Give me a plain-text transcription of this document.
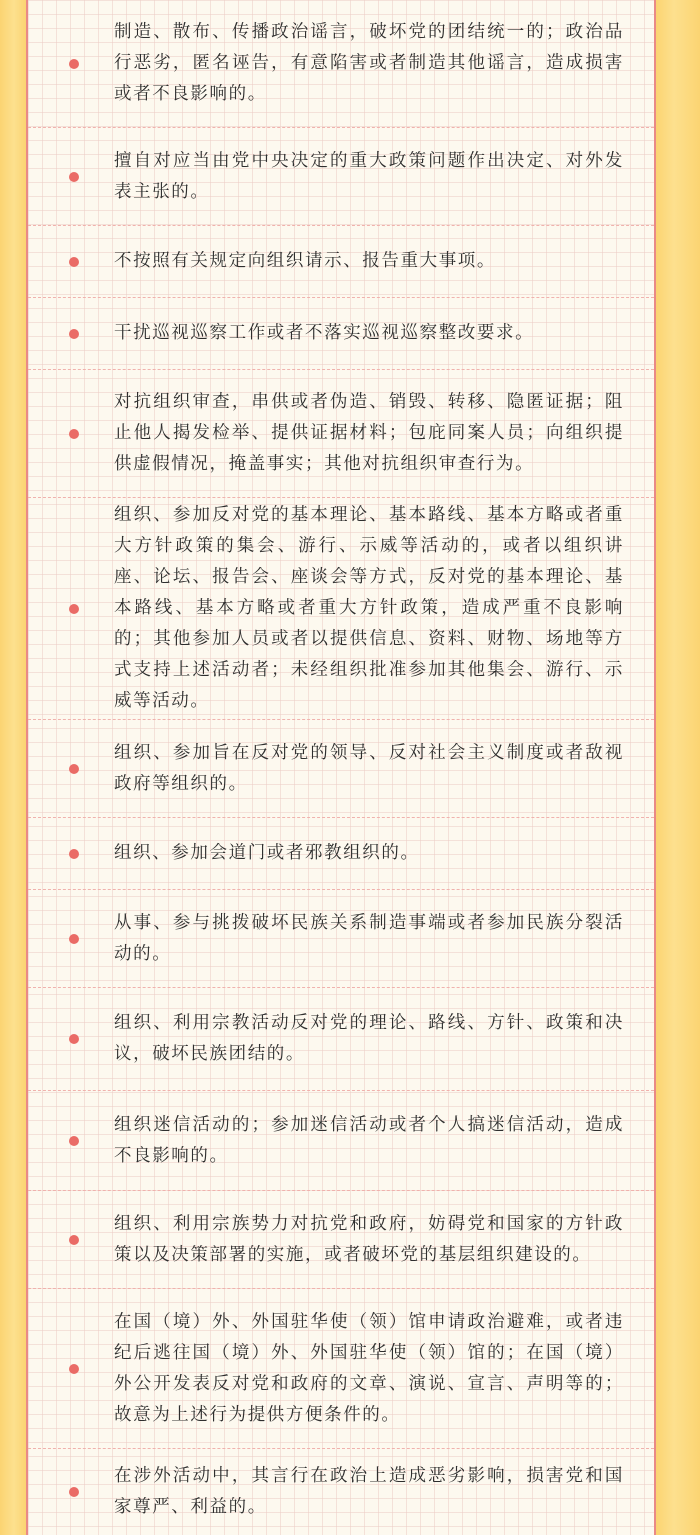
制造、散布、传播政治谣言，破坏党的团结统一的；政治品行恶劣，匿名诬告，有意陷害或者制造其他谣言，造成损害或者不良影响的。
擅自对应当由党中央决定的重大政策问题作出决定、对外发表主张的。
不按照有关规定向组织请示、报告重大事项。
干扰巡视巡察工作或者不落实巡视巡察整改要求。
对抗组织审查，串供或者伪造、销毁、转移、隐匿证据；阻止他人揭发检举、提供证据材料；包庇同案人员；向组织提供虚假情况，掩盖事实；其他对抗组织审查行为。
组织、参加反对党的基本理论、基本路线、基本方略或者重大方针政策的集会、游行、示威等活动的，或者以组织讲座、论坛、报告会、座谈会等方式，反对党的基本理论、基本路线、基本方略或者重大方针政策，造成严重不良影响的；其他参加人员或者以提供信息、资料、财物、场地等方式支持上述活动者；未经组织批准参加其他集会、游行、示威等活动。
组织、参加旨在反对党的领导、反对社会主义制度或者敌视政府等组织的。
组织、参加会道门或者邪教组织的。
从事、参与挑拨破坏民族关系制造事端或者参加民族分裂活动的。
组织、利用宗教活动反对党的理论、路线、方针、政策和决议，破坏民族团结的。
组织迷信活动的；参加迷信活动或者个人搞迷信活动，造成不良影响的。
组织、利用宗族势力对抗党和政府，妨碍党和国家的方针政策以及决策部署的实施，或者破坏党的基层组织建设的。
在国（境）外、外国驻华使（领）馆申请政治避难，或者违纪后逃往国（境）外、外国驻华使（领）馆的；在国（境）外公开发表反对党和政府的文章、演说、宣言、声明等的；故意为上述行为提供方便条件的。
在涉外活动中，其言行在政治上造成恶劣影响，损害党和国家尊严、利益的。
